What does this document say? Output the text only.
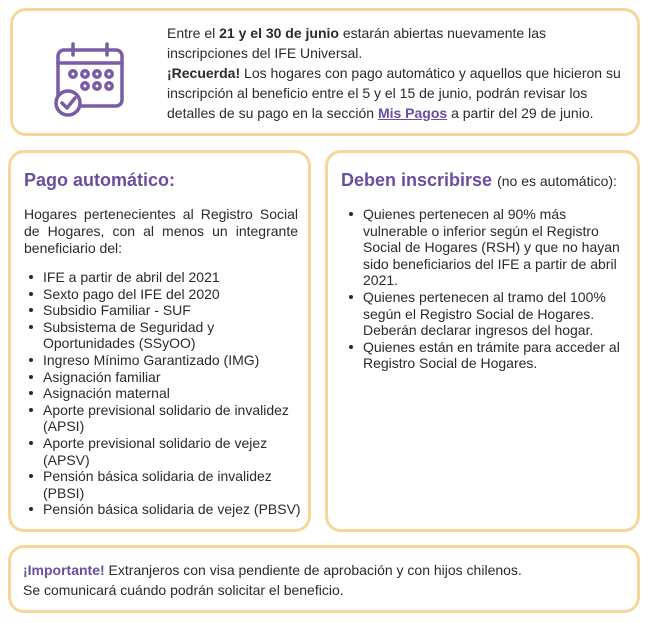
Entre el 21 y el 30 de junio estarán abiertas nuevamente las inscripciones del IFE Universal.
¡Recuerda! Los hogares con pago automático y aquellos que hicieron su inscripción al beneficio entre el 5 y el 15 de junio, podrán revisar los detalles de su pago en la sección Mis Pagos a partir del 29 de junio.
Pago automático:
Hogares pertenecientes al Registro Social de Hogares, con al menos un integrante beneficiario del:
IFE a partir de abril del 2021
Sexto pago del IFE del 2020
Subsidio Familiar - SUF
Subsistema de Seguridad y Oportunidades (SSyOO)
Ingreso Mínimo Garantizado (IMG)
Asignación familiar
Asignación maternal
Aporte previsional solidario de invalidez (APSI)
Aporte previsional solidario de vejez (APSV)
Pensión básica solidaria de invalidez (PBSI)
Pensión básica solidaria de vejez (PBSV)
Deben inscribirse (no es automático):
Quienes pertenecen al 90% más vulnerable o inferior según el Registro Social de Hogares (RSH) y que no hayan sido beneficiarios del IFE a partir de abril 2021.
Quienes pertenecen al tramo del 100% según el Registro Social de Hogares. Deberán declarar ingresos del hogar.
Quienes están en trámite para acceder al Registro Social de Hogares.
¡Importante! Extranjeros con visa pendiente de aprobación y con hijos chilenos.
Se comunicará cuándo podrán solicitar el beneficio.
